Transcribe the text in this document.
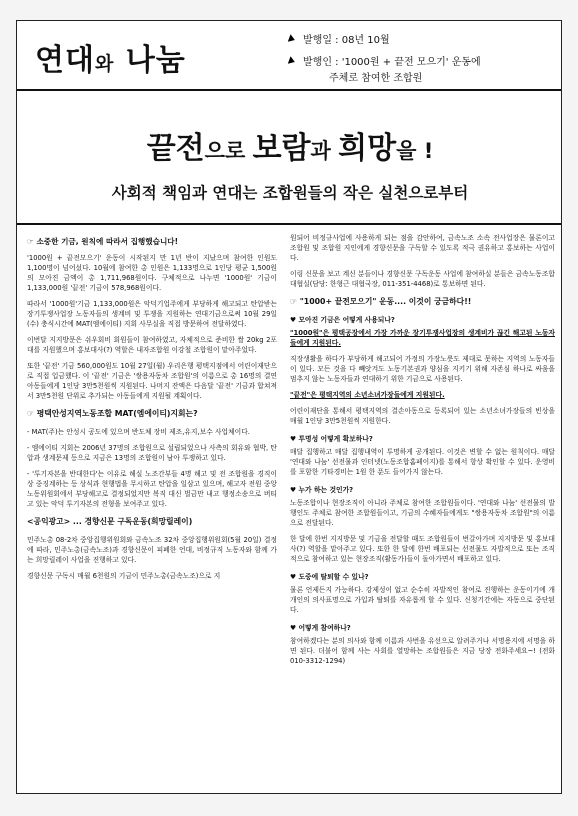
연대와 나눔
발행일 : 08년 10월
발행인 : '1000원 + 끝전 모으기' 운동에
주체로 참여한 조합원
끝전으로 보람과 희망을 !
사회적 책임과 연대는 조합원들의 작은 실천으로부터
☞ 소중한 기금, 원칙에 따라서 집행했습니다!

'1000원 + 끝전모으기' 운동이 시작된지 만 1년 반이 지났으며 참여한 인원도 1,100명이 넘어섰다. 10월에 참여한 총 인원은 1,133명으로 1인당 평균 1,500원의 모아진 금액이 총 1,711,968원이다. 구체적으로 나누면 '1000원' 기금이 1,133,000원 '끝전' 기금이 578,968원이다.

따라서 '1000원'기금 1,133,000원은 악덕기업주에게 부당하게 해고되고 탄압받는 장기투쟁사업장 노동자들의 생계비 및 투쟁을 지원하는 연대기금으로써 10월 29일(수) 충식시간에 MAT(엠에이티) 지회 사무실을 직접 방문하여 전달하였다.

이번달 지지방문은 쉬우회비 회원들이 참여하였고, 자체적으로 준비한 쌀 20kg 2포대를 지원했으며 홍보대사(?) 역할은 내자조합원 이강철 조합원이 맡아주었다.

또한 '끝전' 기금 560,000원도 10월 27일(월) 우리은행 평택지점에서 어린이재단으로 직접 입금했다. 이 '끝전' 기금은 '쌍용자동차 조합원'의 이름으로 총 16명의 결연아동들에게 1인당 3만5천원씩 지원된다. 나머지 잔액은 다음달 '끝전' 기금과 합쳐져서 3만5천원 단위로 추가되는 아동들에게 지원될 계획이다.

☞ 평택안성지역노동조합 MAT(엠에이티)지회는?

- MAT(주)는 안성시 공도에 있으며 반도체 장비 제조,유지,보수 사업체이다.

- 엠에이티 지회는 2006년 37명의 조합원으로 설립되었으나 사측의 회유와 협박, 탄압과 생계문제 등으로 지금은 13명의 조합원이 남아 투쟁하고 있다.

- '투기자본을 반대한다'는 이유로 해실 노조간부들 4명 해고 및 전 조합원을 경직이상 중징계하는 등 상식과 현행법을 무시하고 탄압을 일삼고 있으며, 해고자 전원 중앙노동위원회에서 부당해고로 결정되었지만 복직 대신 벌금만 내고 행정소송으로 버티고 있는 악덕 투기자본의 전형을 보여주고 있다.

<공익광고> ... 경향신문 구독운동(희망릴레이)

민주노총 08-2차 중앙집행위원회와 금속노조 32차 중앙집행위원회(5월 20일) 결정에 따라, 민주노총(금속노조)과 경향신문이 피폐한 언대, 비정규직 노동자와 함께 가는 희망릴레이 사업을 진행하고 있다.

경향신문 구독시 매월 6천원의 기금이 민주노총(금속노조)으로 지

원되어 비정규사업에 사용하게 되는 점을 감안하여, 금속노조 소속 전사업장은 물론이고 조합원 및 조합원 지인에게 경향신문을 구독할 수 있도록 적극 권유하고 홍보하는 사업이다.

이링 신문을 보고 계신 분들이나 경향신문 구독운동 사업에 참여하실 분들은 금속노동조합 대협실(담당: 한형근 대협국장, 011-351-4468)로 통보하면 된다.

☞ "1000+ 끝전모으기" 운동.... 이것이 궁금하다!!
♥ 모아진 기금은 어떻게 사용되나?

"1000원"은 평택공장에서 가장 가까운 장기투쟁사업장의 생계비가 끊긴 해고된 노동자들에게 지원된다.

직장생활을 하다가 부당하게 해고되어 가정의 가장노릇도 제대로 못하는 지역의 노동자들이 있다. 모든 것을 다 빼앗겨도 노동기본권과 양심을 지키기 위해 자존심 하나로 싸움을 멈추지 않는 노동자들과 연대하기 위한 기금으로 사용된다.

"끝전"은 평택지역의 소년소녀가장들에게 지원된다.

어린이재단을 통해서 평택지역의 결손아동으로 등록되어 있는 소년소녀가장들의 빈상을 매월 1인당 3만5천원씩 지원한다.

♥ 투명성 어떻게 확보하나?

매달 집행하고 매달 집행내역이 투명하게 공개된다. 이것은 변할 수 없는 원칙이다. 매달 '연대와 나눔' 선전물과 인터넷(노동조합홈페이지)를 통해서 항상 확인할 수 있다. 운영비를 포함한 기타경비는 1원 한 푼도 들어가지 않는다.

♥ 누가 하는 것인가?

노동조합이나 현장조직이 아니라 주체로 참여한 조합원들이다. '연대와 나눔' 선전물의 발행인도 주체로 참여한 조합원들이고, 기금의 수혜자들에게도 "쌍용자동차 조합원"의 이름으로 전달된다.

한 달에 한번 지지방문 및 기금을 전달할 때도 조합원들이 번갈아가며 지지방문 및 홍보대사(?) 역할을 맡아주고 있다. 또한 한 달에 한번 배포되는 선전물도 자발적으로 또는 조직적으로 참여하고 있는 현장조직(활동가)들이 돌아가면서 배포하고 있다.

♥ 도중에 탈퇴할 수 있나?

물론 언제든지 가능하다. 강제성이 없고 순수히 자발적인 참여로 진행하는 운동이기에 개개인의 의사표명으로 가입과 탈퇴를 자유롭게 할 수 있다. 신청기간에는 자동으로 중단된다.

♥ 어떻게 참여하나?

참여하겠다는 분의 의사와 함께 이름과 사번을 유선으로 알려주거나 서명용지에 서명을 하면 된다. 더불어 함께 사는 사회를 열망하는 조합원들은 지금 당장 전화주세요~! (전화 010-3312-1294)
